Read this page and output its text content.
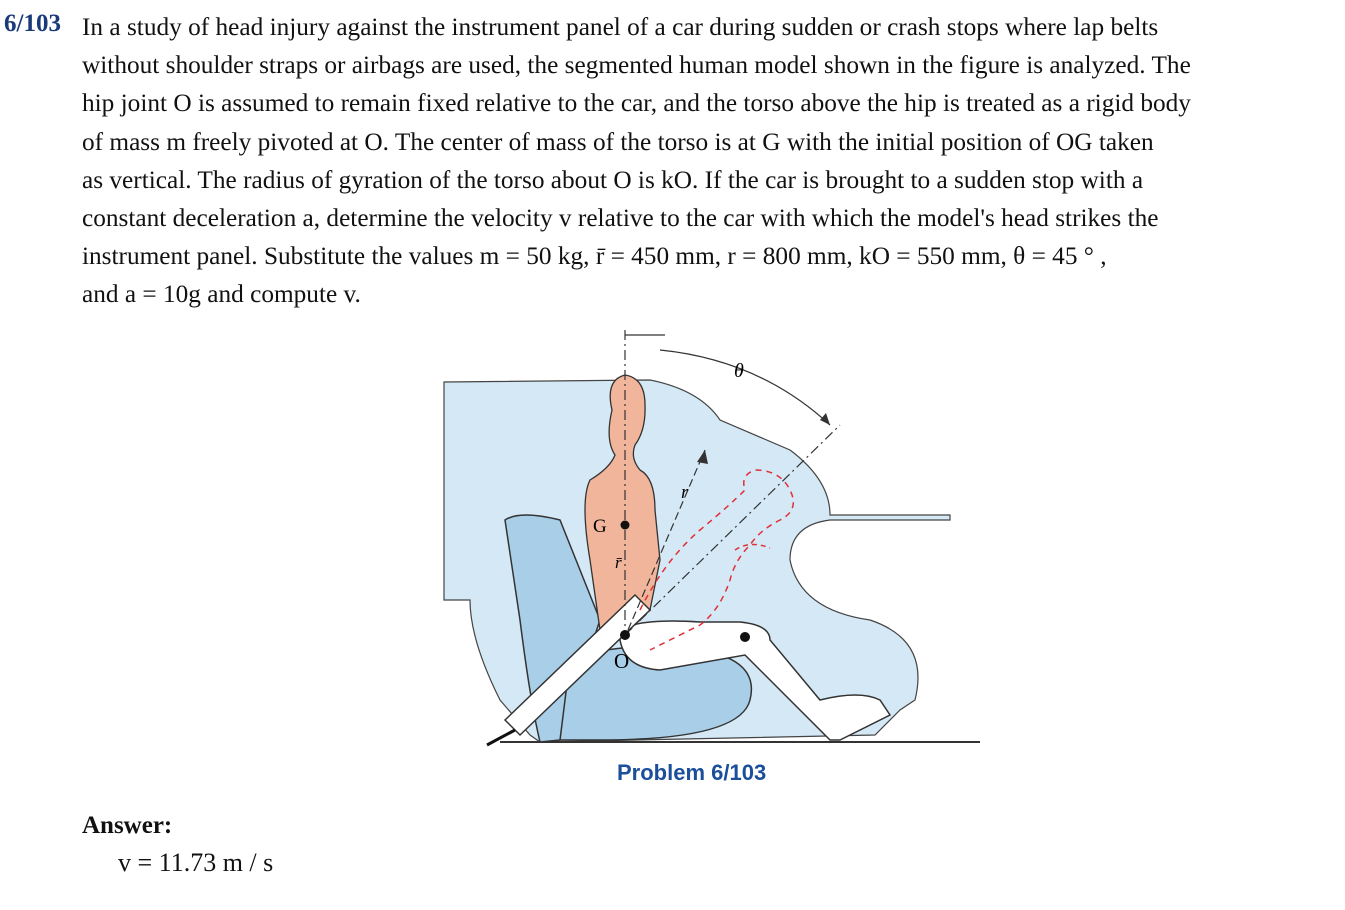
6/103 In a study of head injury against the instrument panel of a car during sudden or crash stops where lap belts
without shoulder straps or airbags are used, the segmented human model shown in the figure is analyzed. The
hip joint O is assumed to remain fixed relative to the car, and the torso above the hip is treated as a rigid body
of mass m freely pivoted at O. The center of mass of the torso is at G with the initial position of OG taken
as vertical. The radius of gyration of the torso about O is kO. If the car is brought to a sudden stop with a
constant deceleration a, determine the velocity v relative to the car with which the model's head strikes the
instrument panel. Substitute the values m = 50 kg, r̄ = 450 mm, r = 800 mm, kO = 550 mm, θ = 45 ° ,
and a = 10g and compute v.
θ
r
G
r̄
O
Problem 6/103
Answer:
v = 11.73 m / s
